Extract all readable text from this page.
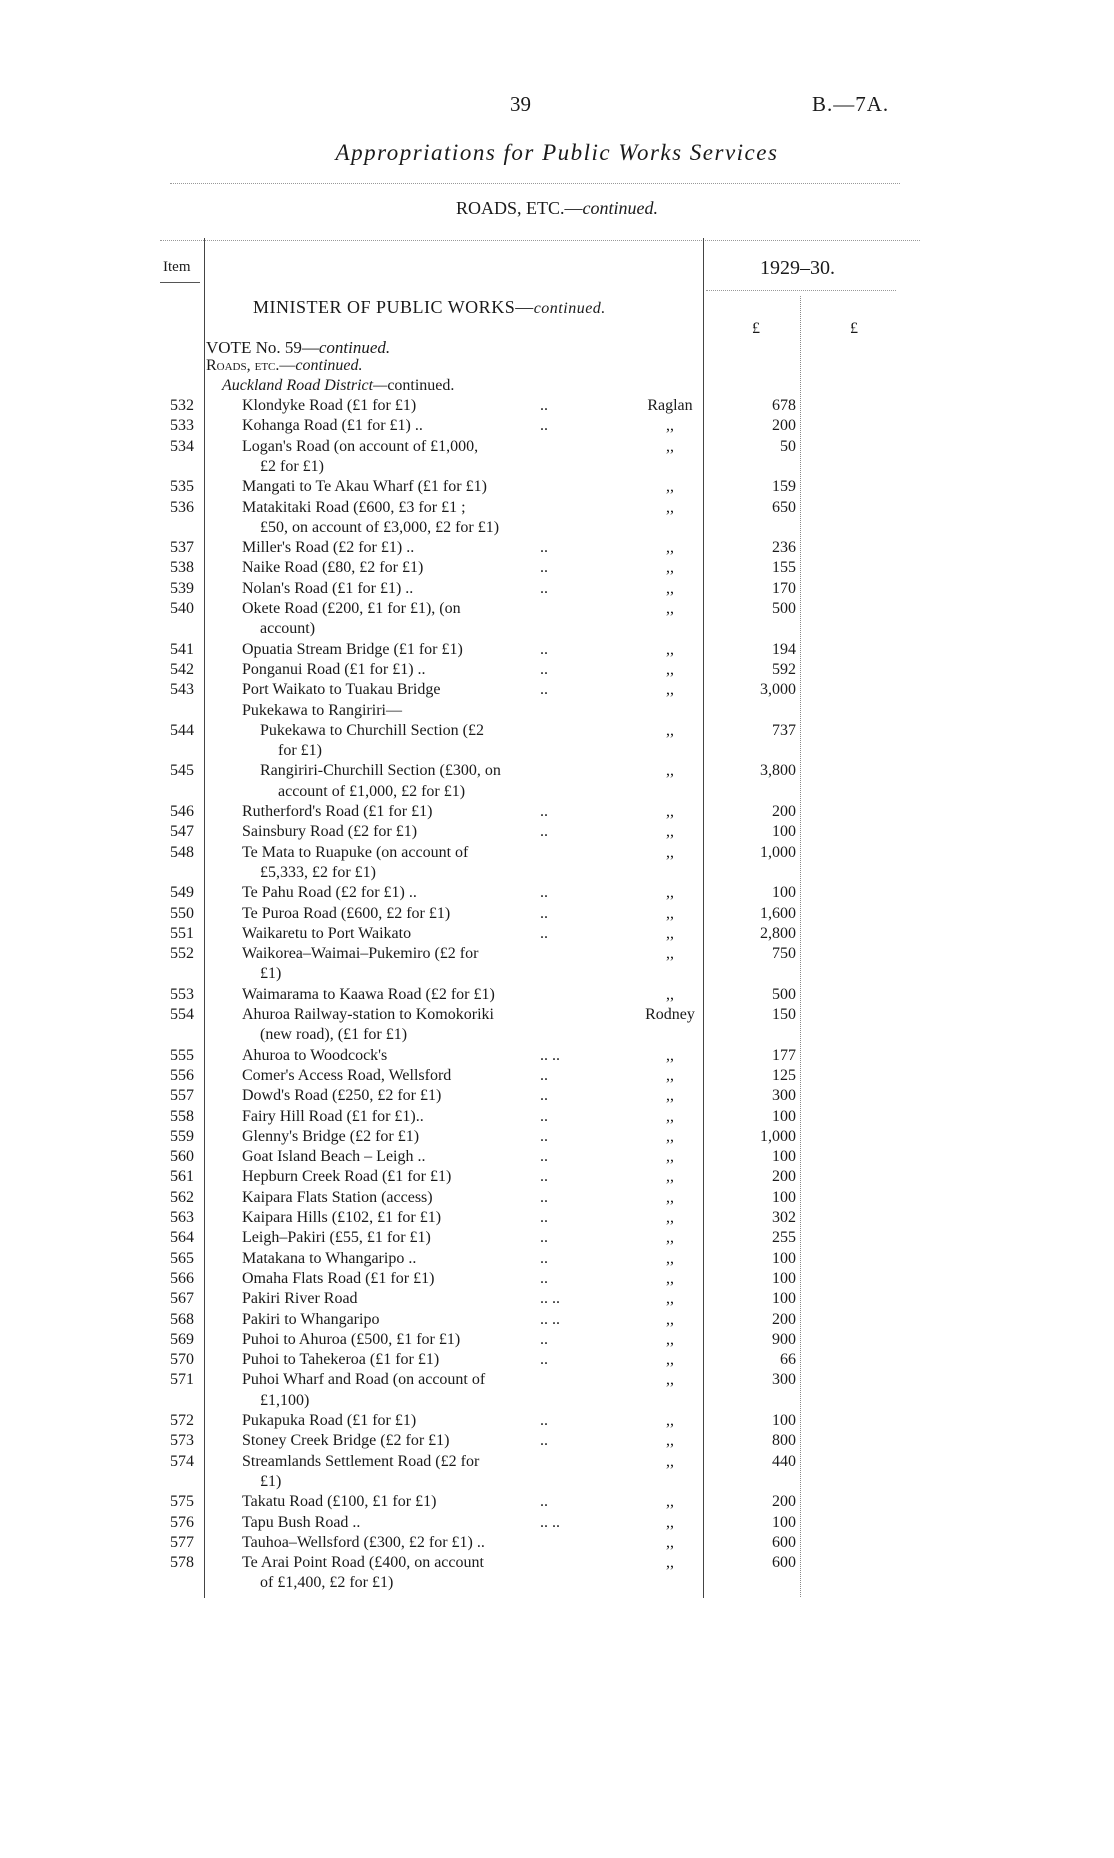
39	B.—7A.
Appropriations for Public Works Services
ROADS, ETC.—continued.
Item	1929–30.
£	£
MINISTER OF PUBLIC WORKS—continued.
VOTE No. 59—continued.
Roads, etc.—continued.
Auckland Road District—continued.
532	Klondyke Road (£1 for £1)	..	Raglan	678
533	Kohanga Road (£1 for £1) ..	..	,,	200
534	Logan's Road (on account of £1,000,	,,	50
£2 for £1)
535	Mangati to Te Akau Wharf (£1 for £1)	,,	159
536	Matakitaki Road (£600, £3 for £1 ;	,,	650
£50, on account of £3,000, £2 for £1)
537	Miller's Road (£2 for £1) ..	..	,,	236
538	Naike Road (£80, £2 for £1)	..	,,	155
539	Nolan's Road (£1 for £1) ..	..	,,	170
540	Okete Road (£200, £1 for £1), (on	,,	500
account)
541	Opuatia Stream Bridge (£1 for £1)	..	,,	194
542	Ponganui Road (£1 for £1) ..	..	,,	592
543	Port Waikato to Tuakau Bridge	..	,,	3,000
Pukekawa to Rangiriri—
544	Pukekawa to Churchill Section (£2	,,	737
for £1)
545	Rangiriri-Churchill Section (£300, on	,,	3,800
account of £1,000, £2 for £1)
546	Rutherford's Road (£1 for £1)	..	,,	200
547	Sainsbury Road (£2 for £1)	..	,,	100
548	Te Mata to Ruapuke (on account of	,,	1,000
£5,333, £2 for £1)
549	Te Pahu Road (£2 for £1) ..	..	,,	100
550	Te Puroa Road (£600, £2 for £1)	..	,,	1,600
551	Waikaretu to Port Waikato	..	,,	2,800
552	Waikorea–Waimai–Pukemiro (£2 for	,,	750
£1)
553	Waimarama to Kaawa Road (£2 for £1)	,,	500
554	Ahuroa Railway-station to Komokoriki	Rodney	150
(new road), (£1 for £1)
555	Ahuroa to Woodcock's	.. ..	,,	177
556	Comer's Access Road, Wellsford	..	,,	125
557	Dowd's Road (£250, £2 for £1)	..	,,	300
558	Fairy Hill Road (£1 for £1)..	..	,,	100
559	Glenny's Bridge (£2 for £1)	..	,,	1,000
560	Goat Island Beach – Leigh ..	..	,,	100
561	Hepburn Creek Road (£1 for £1)	..	,,	200
562	Kaipara Flats Station (access)	..	,,	100
563	Kaipara Hills (£102, £1 for £1)	..	,,	302
564	Leigh–Pakiri (£55, £1 for £1)	..	,,	255
565	Matakana to Whangaripo ..	..	,,	100
566	Omaha Flats Road (£1 for £1)	..	,,	100
567	Pakiri River Road	.. ..	,,	100
568	Pakiri to Whangaripo	.. ..	,,	200
569	Puhoi to Ahuroa (£500, £1 for £1)	..	,,	900
570	Puhoi to Tahekeroa (£1 for £1)	..	,,	66
571	Puhoi Wharf and Road (on account of	,,	300
£1,100)
572	Pukapuka Road (£1 for £1)	..	,,	100
573	Stoney Creek Bridge (£2 for £1)	..	,,	800
574	Streamlands Settlement Road (£2 for	,,	440
£1)
575	Takatu Road (£100, £1 for £1)	..	,,	200
576	Tapu Bush Road ..	.. ..	,,	100
577	Tauhoa–Wellsford (£300, £2 for £1) ..	,,	600
578	Te Arai Point Road (£400, on account	,,	600
of £1,400, £2 for £1)
